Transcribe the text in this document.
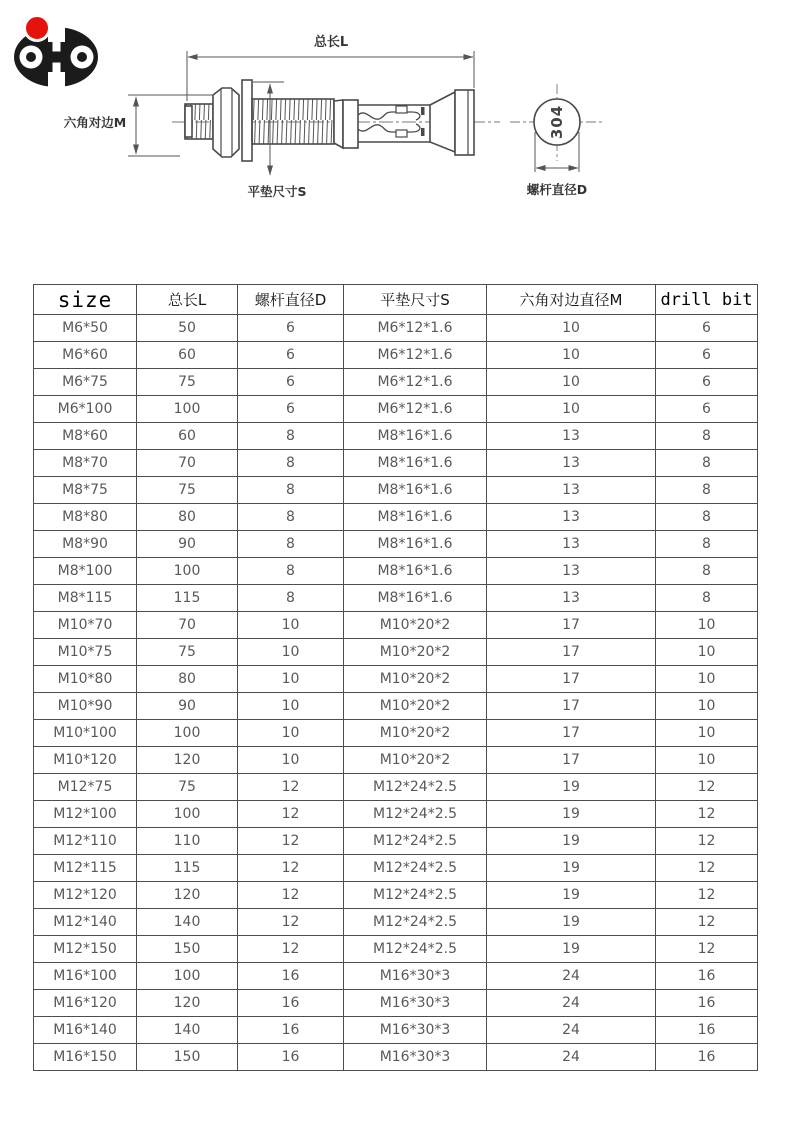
总长L
六角对边M
平垫尺寸S
304
螺杆直径D
size	总长L	螺杆直径D	平垫尺寸S	六角对边直径M	drill bit
M6*50	50	6	M6*12*1.6	10	6
M6*60	60	6	M6*12*1.6	10	6
M6*75	75	6	M6*12*1.6	10	6
M6*100	100	6	M6*12*1.6	10	6
M8*60	60	8	M8*16*1.6	13	8
M8*70	70	8	M8*16*1.6	13	8
M8*75	75	8	M8*16*1.6	13	8
M8*80	80	8	M8*16*1.6	13	8
M8*90	90	8	M8*16*1.6	13	8
M8*100	100	8	M8*16*1.6	13	8
M8*115	115	8	M8*16*1.6	13	8
M10*70	70	10	M10*20*2	17	10
M10*75	75	10	M10*20*2	17	10
M10*80	80	10	M10*20*2	17	10
M10*90	90	10	M10*20*2	17	10
M10*100	100	10	M10*20*2	17	10
M10*120	120	10	M10*20*2	17	10
M12*75	75	12	M12*24*2.5	19	12
M12*100	100	12	M12*24*2.5	19	12
M12*110	110	12	M12*24*2.5	19	12
M12*115	115	12	M12*24*2.5	19	12
M12*120	120	12	M12*24*2.5	19	12
M12*140	140	12	M12*24*2.5	19	12
M12*150	150	12	M12*24*2.5	19	12
M16*100	100	16	M16*30*3	24	16
M16*120	120	16	M16*30*3	24	16
M16*140	140	16	M16*30*3	24	16
M16*150	150	16	M16*30*3	24	16
